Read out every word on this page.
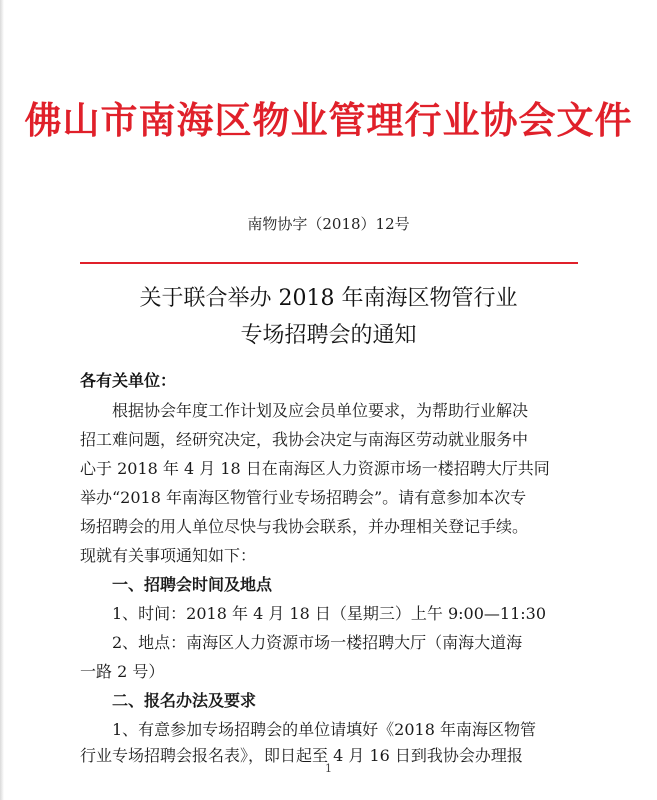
佛山市南海区物业管理行业协会文件
南物协字（2018）12号
关于联合举办 2018 年南海区物管行业
专场招聘会的通知
各有关单位：
根据协会年度工作计划及应会员单位要求，为帮助行业解决
招工难问题，经研究决定，我协会决定与南海区劳动就业服务中
心于 2018 年 4 月 18 日在南海区人力资源市场一楼招聘大厅共同
举办“2018 年南海区物管行业专场招聘会”。请有意参加本次专
场招聘会的用人单位尽快与我协会联系，并办理相关登记手续。
现就有关事项通知如下：
一、招聘会时间及地点
1、时间：2018 年 4 月 18 日（星期三）上午 9:00—11:30
2、地点：南海区人力资源市场一楼招聘大厅（南海大道海
一路 2 号）
二、报名办法及要求
1、有意参加专场招聘会的单位请填好《2018 年南海区物管
行业专场招聘会报名表》，即日起至 4 月 16 日到我协会办理报
1
